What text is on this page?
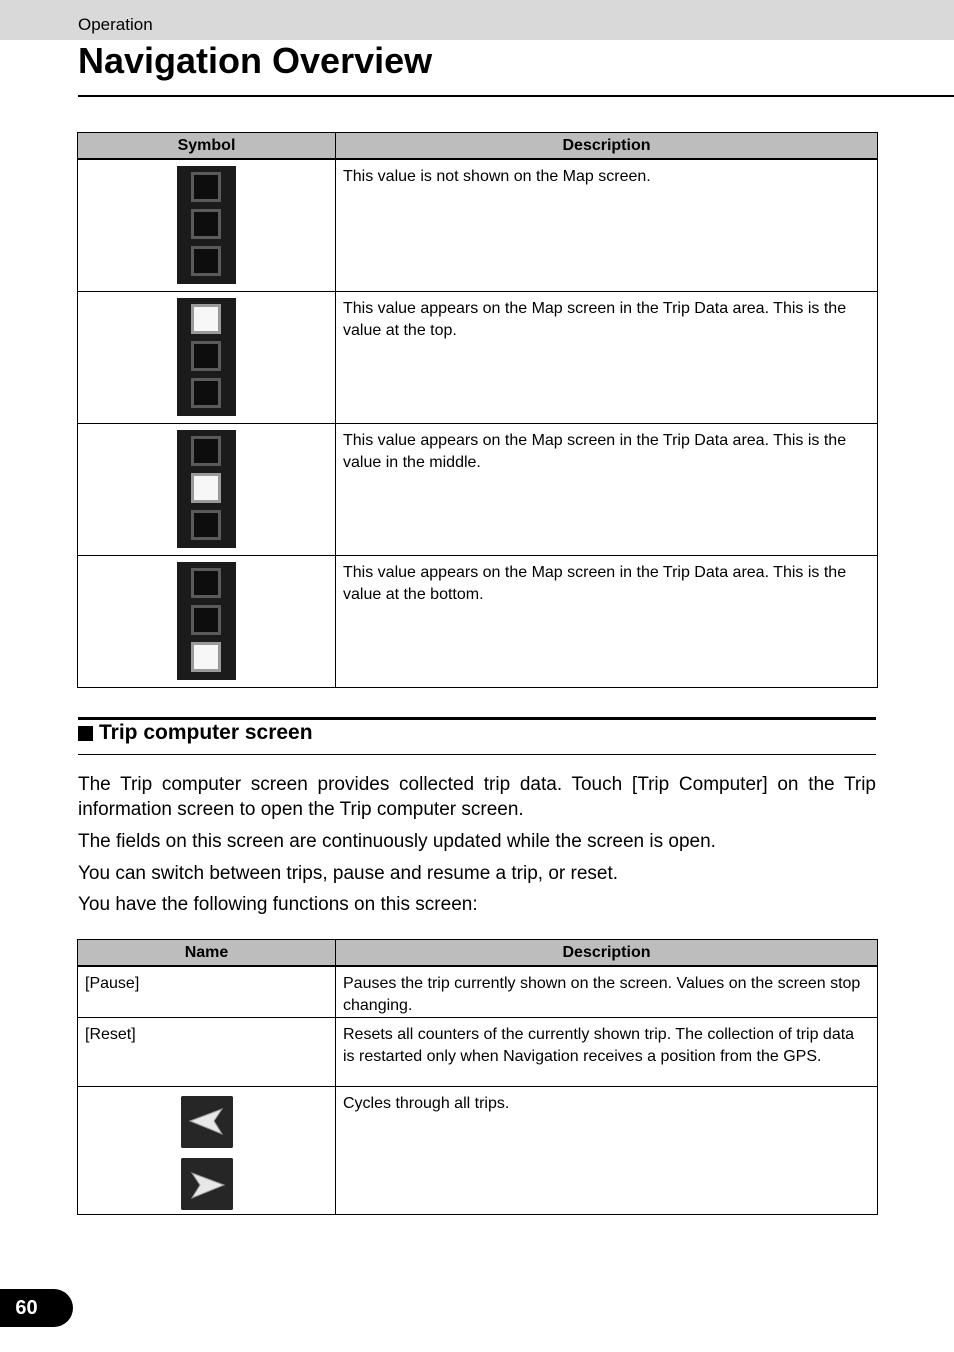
Operation
Navigation Overview
Symbol	Description

	This value is not shown on the Map screen.

	This value appears on the Map screen in the Trip Data area. This is the value at the top.

	This value appears on the Map screen in the Trip Data area. This is the value in the middle.

	This value appears on the Map screen in the Trip Data area. This is the value at the bottom.
Trip computer screen

The Trip computer screen provides collected trip data. Touch [Trip Computer] on the Trip information screen to open the Trip computer screen.

The fields on this screen are continuously updated while the screen is open.

You can switch between trips, pause and resume a trip, or reset.

You have the following functions on this screen:

Name	Description
[Pause]	Pauses the trip currently shown on the screen. Values on the screen stop changing.
[Reset]	Resets all counters of the currently shown trip. The collection of trip data is restarted only when Navigation receives a position from the GPS.

	Cycles through all trips.
60
